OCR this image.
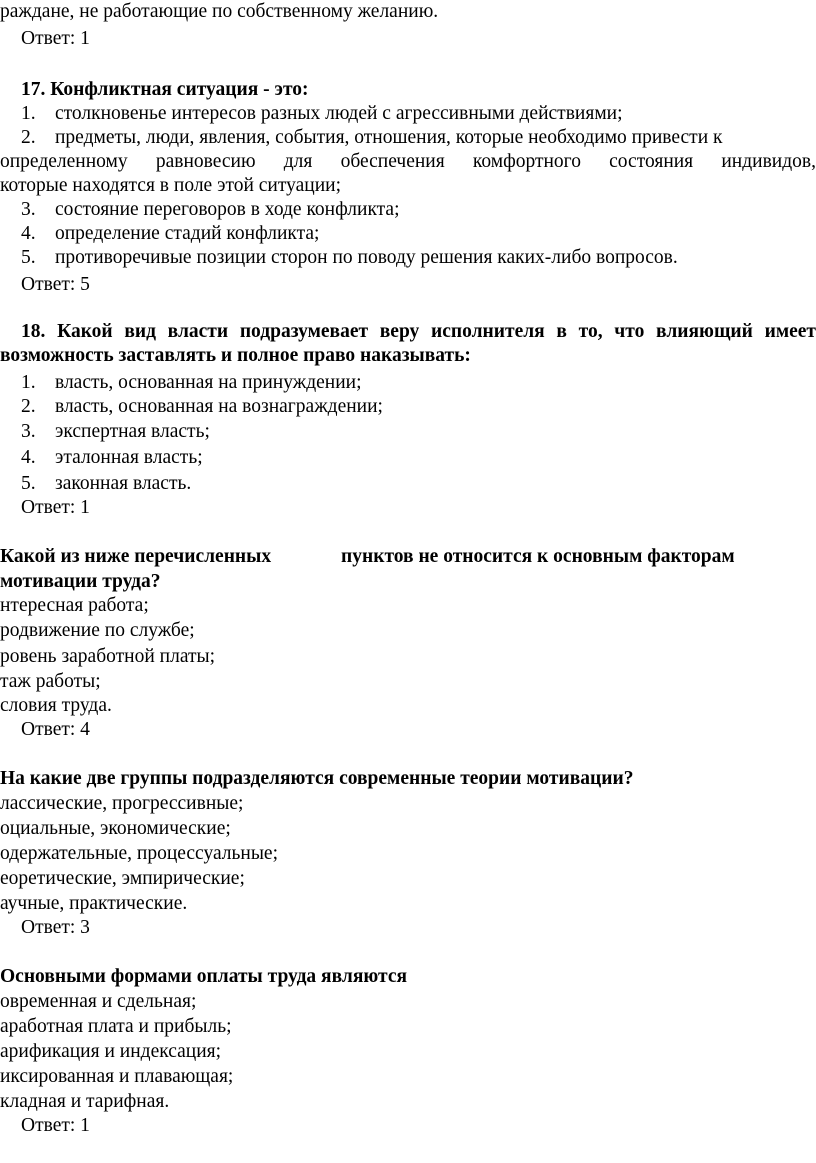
раждане, не работающие по собственному желанию.
Ответ: 1
17. Конфликтная ситуация - это:
1. столкновенье интересов разных людей с агрессивными действиями;
2. предметы, люди, явления, события, отношения, которые необходимо привести к
определенному равновесию для обеспечения комфортного состояния индивидов,
которые находятся в поле этой ситуации;
3. состояние переговоров в ходе конфликта;
4. определение стадий конфликта;
5. противоречивые позиции сторон по поводу решения каких-либо вопросов.
Ответ: 5
18. Какой вид власти подразумевает веру исполнителя в то, что влияющий имеет
возможность заставлять и полное право наказывать:
1. власть, основанная на принуждении;
2. власть, основанная на вознаграждении;
3. экспертная власть;
4. эталонная власть;
5. законная власть.
Ответ: 1
Какой из ниже перечисленных	пунктов не относится к основным факторам
мотивации труда?
нтересная работа;
родвижение по службе;
ровень заработной платы;
таж работы;
словия труда.
Ответ: 4
На какие две группы подразделяются современные теории мотивации?
лассические, прогрессивные;
оциальные, экономические;
одержательные, процессуальные;
еоретические, эмпирические;
аучные, практические.
Ответ: 3
Основными формами оплаты труда являются
овременная и сдельная;
аработная плата и прибыль;
арификация и индексация;
иксированная и плавающая;
кладная и тарифная.
Ответ: 1
